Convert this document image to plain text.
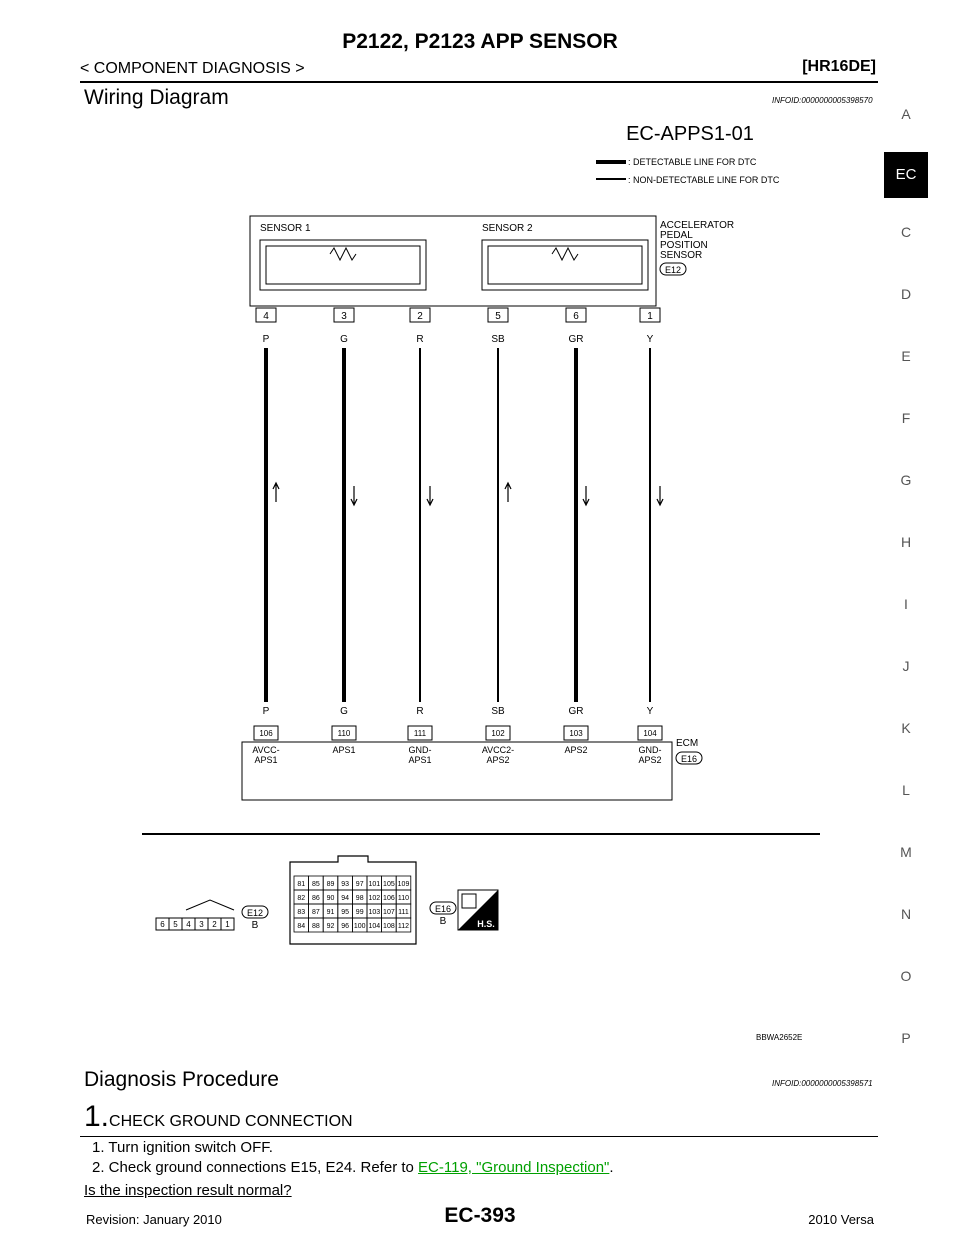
P2122, P2123 APP SENSOR
< COMPONENT DIAGNOSIS >	[HR16DE]
Wiring Diagram	INFOID:0000000005398570
A
EC
C
D
E
F
G
H
I
J
K
L
M
N
O
P
EC-APPS1-01
: DETECTABLE LINE FOR DTC
: NON-DETECTABLE LINE FOR DTC
SENSOR 1	SENSOR 2	ACCELERATOR
PEDAL
POSITION
SENSOR
E12
4
P
P
106
AVCC-
APS1
3
G
G
110
APS1
2
R
R
111
GND-
APS1
5
SB
SB
102
AVCC2-
APS2
6
GR
GR
103
APS2
1
Y
Y
104
GND-
APS2
ECM
E16
6 5 4 3 2 1
E12
B
81 85 89 93 97 101 105 109
82 86 90 94 98 102 106 110
83 87 91 95 99 103 107 111
84 88 92 96 100 104 108 112
E16
B	H.S.
BBWA2652E
Diagnosis Procedure	INFOID:0000000005398571
1.CHECK GROUND CONNECTION
1. Turn ignition switch OFF.
2. Check ground connections E15, E24. Refer to EC-119, "Ground Inspection".
Is the inspection result normal?
Revision: January 2010	EC-393	2010 Versa
